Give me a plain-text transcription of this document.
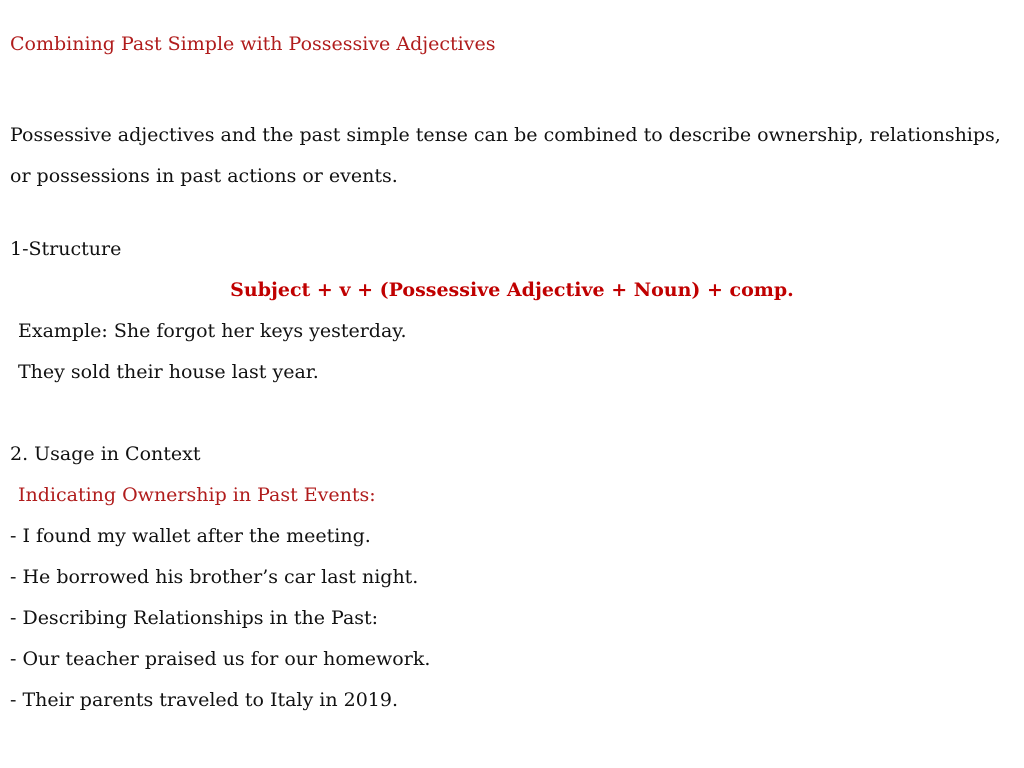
Combining Past Simple with Possessive Adjectives
Possessive adjectives and the past simple tense can be combined to describe ownership, relationships, or possessions in past actions or events.
1-Structure
Subject + v + (Possessive Adjective + Noun) + comp.
Example: She forgot her keys yesterday.
They sold their house last year.
2. Usage in Context
Indicating Ownership in Past Events:
- I found my wallet after the meeting.
- He borrowed his brother’s car last night.
- Describing Relationships in the Past:
- Our teacher praised us for our homework.
- Their parents traveled to Italy in 2019.
